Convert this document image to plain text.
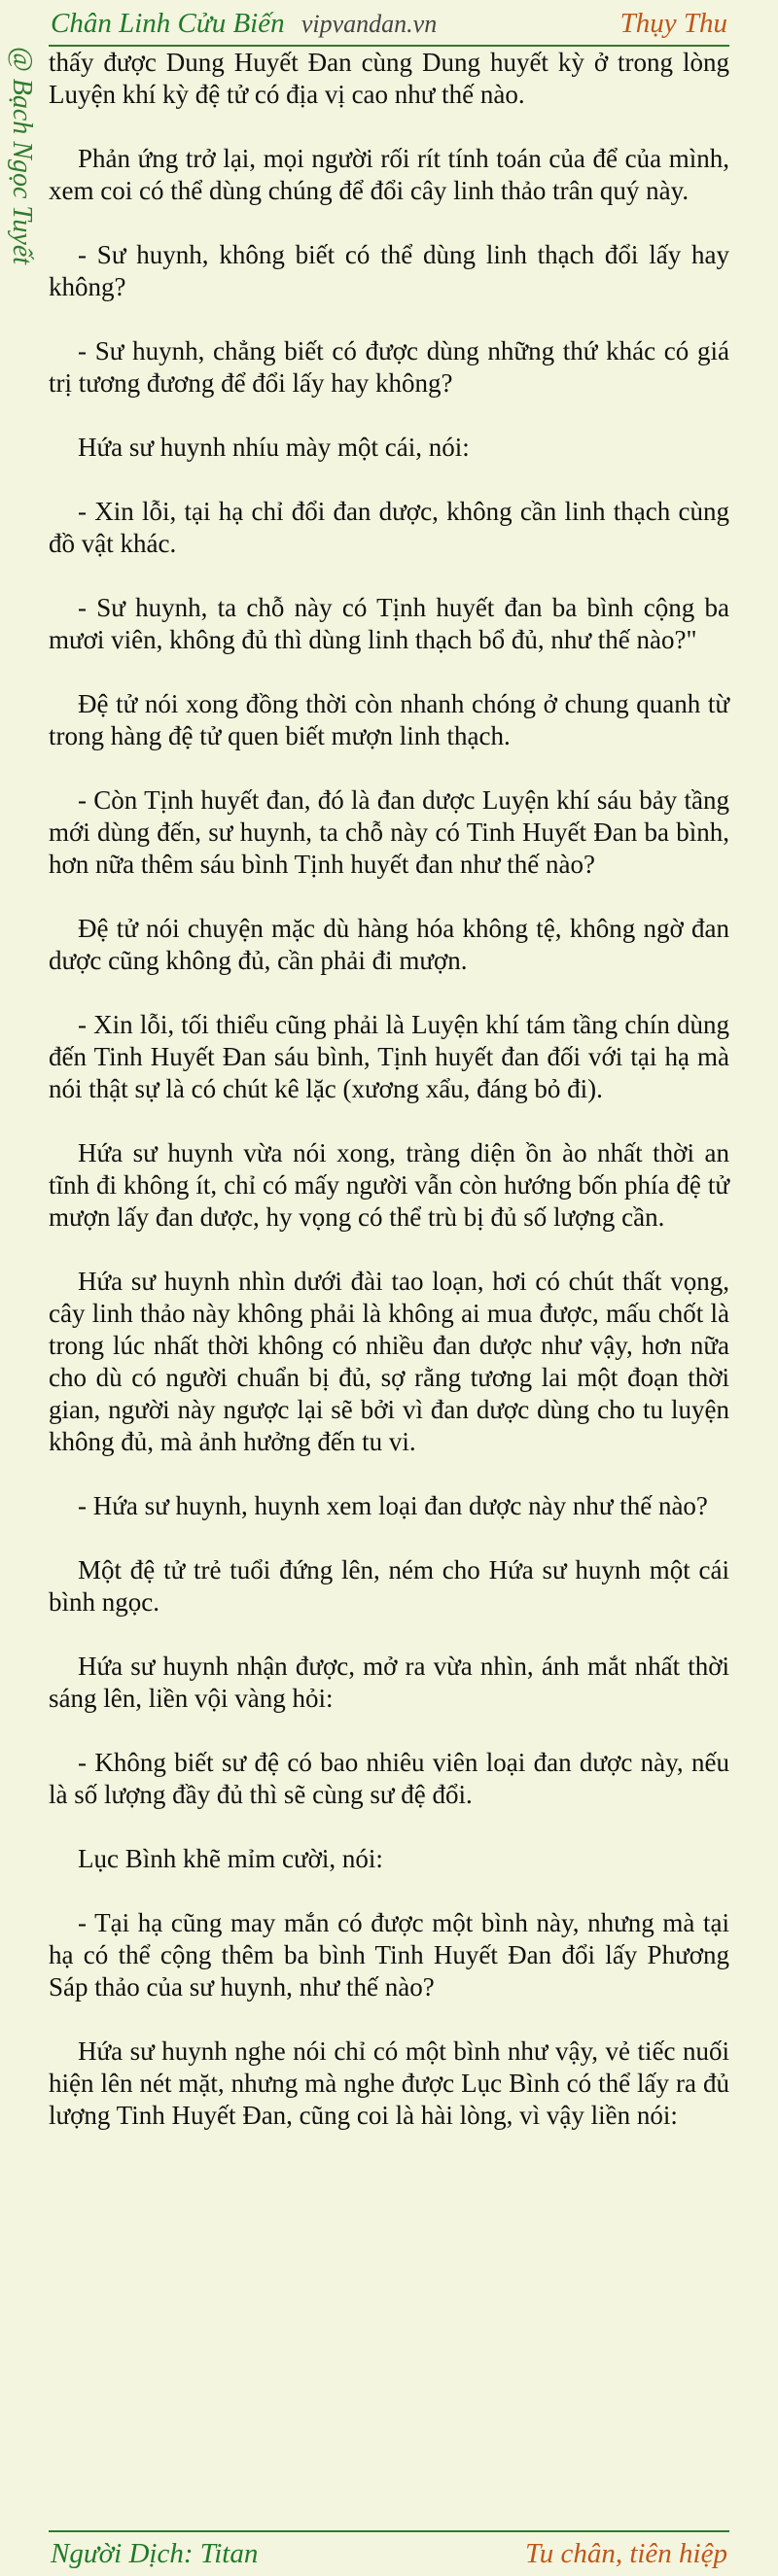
Chân Linh Cửu Biến vipvandan.vn	Thụy Thu
@ Bạch Ngọc Tuyết thấy được Dung Huyết Đan cùng Dung huyết kỳ ở trong lòng Luyện khí kỳ đệ tử có địa vị cao như thế nào.

Phản ứng trở lại, mọi người rối rít tính toán của để của mình, xem coi có thể dùng chúng để đổi cây linh thảo trân quý này.

- Sư huynh, không biết có thể dùng linh thạch đổi lấy hay không?

- Sư huynh, chẳng biết có được dùng những thứ khác có giá trị tương đương để đổi lấy hay không?

Hứa sư huynh nhíu mày một cái, nói:

- Xin lỗi, tại hạ chỉ đổi đan dược, không cần linh thạch cùng đồ vật khác.

- Sư huynh, ta chỗ này có Tịnh huyết đan ba bình cộng ba mươi viên, không đủ thì dùng linh thạch bổ đủ, như thế nào?"

Đệ tử nói xong đồng thời còn nhanh chóng ở chung quanh từ trong hàng đệ tử quen biết mượn linh thạch.

- Còn Tịnh huyết đan, đó là đan dược Luyện khí sáu bảy tầng mới dùng đến, sư huynh, ta chỗ này có Tinh Huyết Đan ba bình, hơn nữa thêm sáu bình Tịnh huyết đan như thế nào?

Đệ tử nói chuyện mặc dù hàng hóa không tệ, không ngờ đan dược cũng không đủ, cần phải đi mượn.

- Xin lỗi, tối thiểu cũng phải là Luyện khí tám tầng chín dùng đến Tinh Huyết Đan sáu bình, Tịnh huyết đan đối với tại hạ mà nói thật sự là có chút kê lặc (xương xẩu, đáng bỏ đi).

Hứa sư huynh vừa nói xong, tràng diện ồn ào nhất thời an tĩnh đi không ít, chỉ có mấy người vẫn còn hướng bốn phía đệ tử mượn lấy đan dược, hy vọng có thể trù bị đủ số lượng cần.

Hứa sư huynh nhìn dưới đài tao loạn, hơi có chút thất vọng, cây linh thảo này không phải là không ai mua được, mấu chốt là trong lúc nhất thời không có nhiều đan dược như vậy, hơn nữa cho dù có người chuẩn bị đủ, sợ rằng tương lai một đoạn thời gian, người này ngược lại sẽ bởi vì đan dược dùng cho tu luyện không đủ, mà ảnh hưởng đến tu vi.

- Hứa sư huynh, huynh xem loại đan dược này như thế nào?

Một đệ tử trẻ tuổi đứng lên, ném cho Hứa sư huynh một cái bình ngọc.

Hứa sư huynh nhận được, mở ra vừa nhìn, ánh mắt nhất thời sáng lên, liền vội vàng hỏi:

- Không biết sư đệ có bao nhiêu viên loại đan dược này, nếu là số lượng đầy đủ thì sẽ cùng sư đệ đổi.

Lục Bình khẽ mỉm cười, nói:

- Tại hạ cũng may mắn có được một bình này, nhưng mà tại hạ có thể cộng thêm ba bình Tinh Huyết Đan đổi lấy Phương Sáp thảo của sư huynh, như thế nào?

Hứa sư huynh nghe nói chỉ có một bình như vậy, vẻ tiếc nuối hiện lên nét mặt, nhưng mà nghe được Lục Bình có thể lấy ra đủ lượng Tinh Huyết Đan, cũng coi là hài lòng, vì vậy liền nói:

Người Dịch: Titan	Tu chân, tiên hiệp
